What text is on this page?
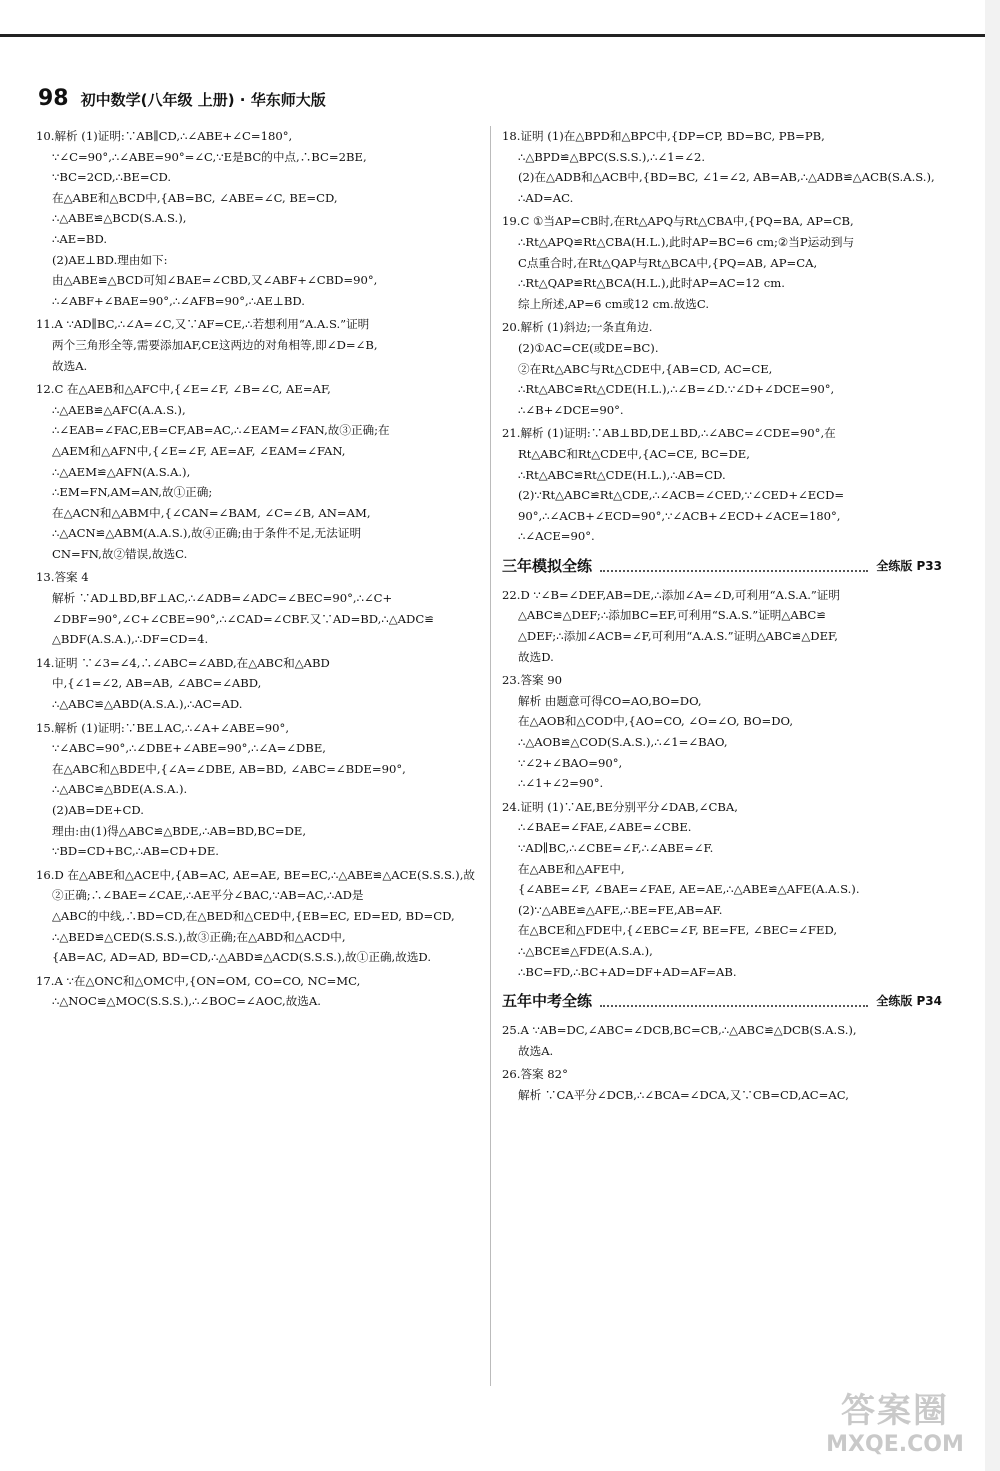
98 初中数学(八年级 上册) · 华东师大版
10.解析 (1)证明:∵AB∥CD,∴∠ABE+∠C=180°,
∵∠C=90°,∴∠ABE=90°=∠C,∵E是BC的中点,∴BC=2BE,
∵BC=2CD,∴BE=CD.
在△ABE和△BCD中,{AB=BC, ∠ABE=∠C, BE=CD,
∴△ABE≌△BCD(S.A.S.),
∴AE=BD.
(2)AE⊥BD.理由如下:
由△ABE≌△BCD可知∠BAE=∠CBD,又∠ABF+∠CBD=90°,
∴∠ABF+∠BAE=90°,∴∠AFB=90°,∴AE⊥BD.
11.A ∵AD∥BC,∴∠A=∠C,又∵AF=CE,∴若想利用“A.A.S.”证明
两个三角形全等,需要添加AF,CE这两边的对角相等,即∠D=∠B,
故选A.
12.C 在△AEB和△AFC中,{∠E=∠F, ∠B=∠C, AE=AF,
∴△AEB≌△AFC(A.A.S.),
∴∠EAB=∠FAC,EB=CF,AB=AC,∴∠EAM=∠FAN,故③正确;在
△AEM和△AFN中,{∠E=∠F, AE=AF, ∠EAM=∠FAN,
∴△AEM≌△AFN(A.S.A.),
∴EM=FN,AM=AN,故①正确;
在△ACN和△ABM中,{∠CAN=∠BAM, ∠C=∠B, AN=AM,
∴△ACN≌△ABM(A.A.S.),故④正确;由于条件不足,无法证明
CN=FN,故②错误,故选C.
13.答案 4
解析 ∵AD⊥BD,BF⊥AC,∴∠ADB=∠ADC=∠BEC=90°,∴∠C+
∠DBF=90°,∠C+∠CBE=90°,∴∠CAD=∠CBF.又∵AD=BD,∴△ADC≌
△BDF(A.S.A.),∴DF=CD=4.
14.证明 ∵∠3=∠4,∴∠ABC=∠ABD,在△ABC和△ABD
中,{∠1=∠2, AB=AB, ∠ABC=∠ABD,
∴△ABC≌△ABD(A.S.A.),∴AC=AD.
15.解析 (1)证明:∵BE⊥AC,∴∠A+∠ABE=90°,
∵∠ABC=90°,∴∠DBE+∠ABE=90°,∴∠A=∠DBE,
在△ABC和△BDE中,{∠A=∠DBE, AB=BD, ∠ABC=∠BDE=90°,
∴△ABC≌△BDE(A.S.A.).
(2)AB=DE+CD.
理由:由(1)得△ABC≌△BDE,∴AB=BD,BC=DE,
∵BD=CD+BC,∴AB=CD+DE.
16.D 在△ABE和△ACE中,{AB=AC, AE=AE, BE=EC,∴△ABE≌△ACE(S.S.S.),故
②正确;∴∠BAE=∠CAE,∴AE平分∠BAC,∵AB=AC,∴AD是
△ABC的中线,∴BD=CD,在△BED和△CED中,{EB=EC, ED=ED, BD=CD,
∴△BED≌△CED(S.S.S.),故③正确;在△ABD和△ACD中,
{AB=AC, AD=AD, BD=CD,∴△ABD≌△ACD(S.S.S.),故①正确,故选D.
17.A ∵在△ONC和△OMC中,{ON=OM, CO=CO, NC=MC,
∴△NOC≌△MOC(S.S.S.),∴∠BOC=∠AOC,故选A.
18.证明 (1)在△BPD和△BPC中,{DP=CP, BD=BC, PB=PB,
∴△BPD≌△BPC(S.S.S.),∴∠1=∠2.
(2)在△ADB和△ACB中,{BD=BC, ∠1=∠2, AB=AB,∴△ADB≌△ACB(S.A.S.),
∴AD=AC.
19.C ①当AP=CB时,在Rt△APQ与Rt△CBA中,{PQ=BA, AP=CB,
∴Rt△APQ≌Rt△CBA(H.L.),此时AP=BC=6 cm;②当P运动到与
C点重合时,在Rt△QAP与Rt△BCA中,{PQ=AB, AP=CA,
∴Rt△QAP≌Rt△BCA(H.L.),此时AP=AC=12 cm.
综上所述,AP=6 cm或12 cm.故选C.
20.解析 (1)斜边;一条直角边.
(2)①AC=CE(或DE=BC).
②在Rt△ABC与Rt△CDE中,{AB=CD, AC=CE,
∴Rt△ABC≌Rt△CDE(H.L.),∴∠B=∠D.∵∠D+∠DCE=90°,
∴∠B+∠DCE=90°.
21.解析 (1)证明:∵AB⊥BD,DE⊥BD,∴∠ABC=∠CDE=90°,在
Rt△ABC和Rt△CDE中,{AC=CE, BC=DE,
∴Rt△ABC≌Rt△CDE(H.L.),∴AB=CD.
(2)∵Rt△ABC≌Rt△CDE,∴∠ACB=∠CED,∵∠CED+∠ECD=
90°,∴∠ACB+∠ECD=90°,∵∠ACB+∠ECD+∠ACE=180°,
∴∠ACE=90°.
三年模拟全练	全练版 P33
22.D ∵∠B=∠DEF,AB=DE,∴添加∠A=∠D,可利用“A.S.A.”证明
△ABC≌△DEF;∴添加BC=EF,可利用“S.A.S.”证明△ABC≌
△DEF;∴添加∠ACB=∠F,可利用“A.A.S.”证明△ABC≌△DEF,
故选D.
23.答案 90
解析 由题意可得CO=AO,BO=DO,
在△AOB和△COD中,{AO=CO, ∠O=∠O, BO=DO,
∴△AOB≌△COD(S.A.S.),∴∠1=∠BAO,
∵∠2+∠BAO=90°,
∴∠1+∠2=90°.
24.证明 (1)∵AE,BE分别平分∠DAB,∠CBA,
∴∠BAE=∠FAE,∠ABE=∠CBE.
∵AD∥BC,∴∠CBE=∠F,∴∠ABE=∠F.
在△ABE和△AFE中,
{∠ABE=∠F, ∠BAE=∠FAE, AE=AE,∴△ABE≌△AFE(A.A.S.).
(2)∵△ABE≌△AFE,∴BE=FE,AB=AF.
在△BCE和△FDE中,{∠EBC=∠F, BE=FE, ∠BEC=∠FED,
∴△BCE≌△FDE(A.S.A.),
∴BC=FD,∴BC+AD=DF+AD=AF=AB.
五年中考全练	全练版 P34
25.A ∵AB=DC,∠ABC=∠DCB,BC=CB,∴△ABC≌△DCB(S.A.S.),
故选A.
26.答案 82°
解析 ∵CA平分∠DCB,∴∠BCA=∠DCA,又∵CB=CD,AC=AC,
答案圈
MXQE.COM
